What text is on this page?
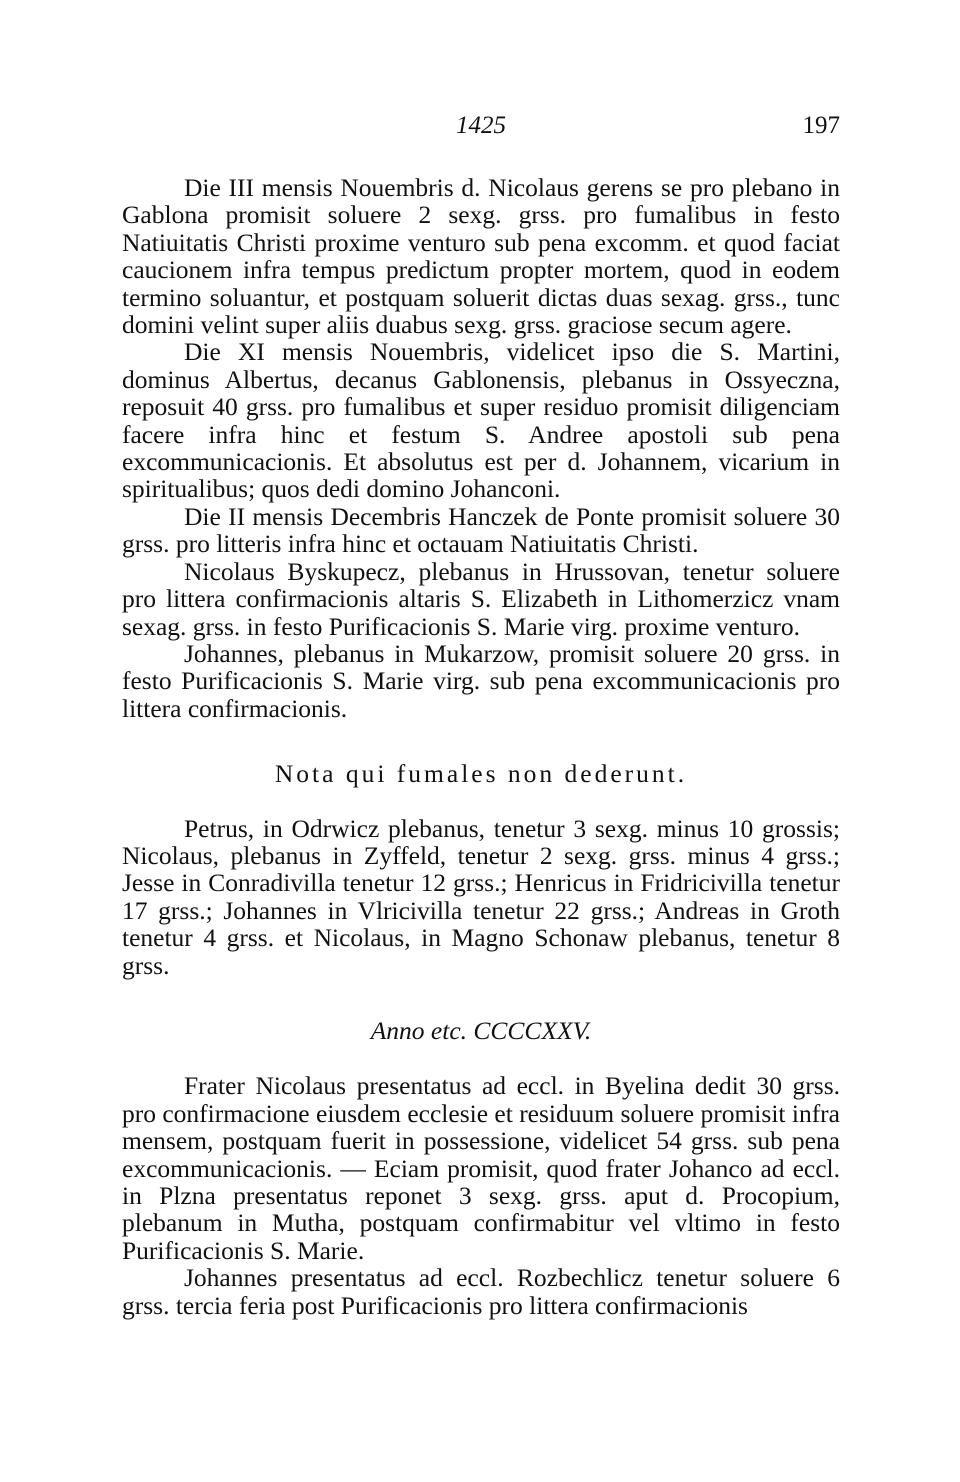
1425	197

Die III mensis Nouembris d. Nicolaus gerens se pro plebano in Gablona promisit soluere 2 sexg. grss. pro fumalibus in festo Natiuitatis Christi proxime venturo sub pena excomm. et quod faciat caucionem infra tempus predictum propter mortem, quod in eodem termino soluantur, et postquam soluerit dictas duas sexag. grss., tunc domini velint super aliis duabus sexg. grss. graciose secum agere.

Die XI mensis Nouembris, videlicet ipso die S. Martini, dominus Albertus, decanus Gablonensis, plebanus in Ossyeczna, reposuit 40 grss. pro fumalibus et super residuo promisit diligenciam facere infra hinc et festum S. Andree apostoli sub pena excommunicacionis. Et absolutus est per d. Johannem, vicarium in spiritualibus; quos dedi domino Johanconi.

Die II mensis Decembris Hanczek de Ponte promisit soluere 30 grss. pro litteris infra hinc et octauam Natiuitatis Christi.

Nicolaus Byskupecz, plebanus in Hrussovan, tenetur soluere pro littera confirmacionis altaris S. Elizabeth in Lithomerzicz vnam sexag. grss. in festo Purificacionis S. Marie virg. proxime venturo.

Johannes, plebanus in Mukarzow, promisit soluere 20 grss. in festo Purificacionis S. Marie virg. sub pena excommunicacionis pro littera confirmacionis.

Nota qui fumales non dederunt.

Petrus, in Odrwicz plebanus, tenetur 3 sexg. minus 10 grossis; Nicolaus, plebanus in Zyffeld, tenetur 2 sexg. grss. minus 4 grss.; Jesse in Conradivilla tenetur 12 grss.; Henricus in Fridricivilla tenetur 17 grss.; Johannes in Vlricivilla tenetur 22 grss.; Andreas in Groth tenetur 4 grss. et Nicolaus, in Magno Schonaw plebanus, tenetur 8 grss.

Anno etc. CCCCXXV.

Frater Nicolaus presentatus ad eccl. in Byelina dedit 30 grss. pro confirmacione eiusdem ecclesie et residuum soluere promisit infra mensem, postquam fuerit in possessione, videlicet 54 grss. sub pena excommunicacionis. — Eciam promisit, quod frater Johanco ad eccl. in Plzna presentatus reponet 3 sexg. grss. aput d. Procopium, plebanum in Mutha, postquam confirmabitur vel vltimo in festo Purificacionis S. Marie.

Johannes presentatus ad eccl. Rozbechlicz tenetur soluere 6 grss. tercia feria post Purificacionis pro littera confirmacionis
